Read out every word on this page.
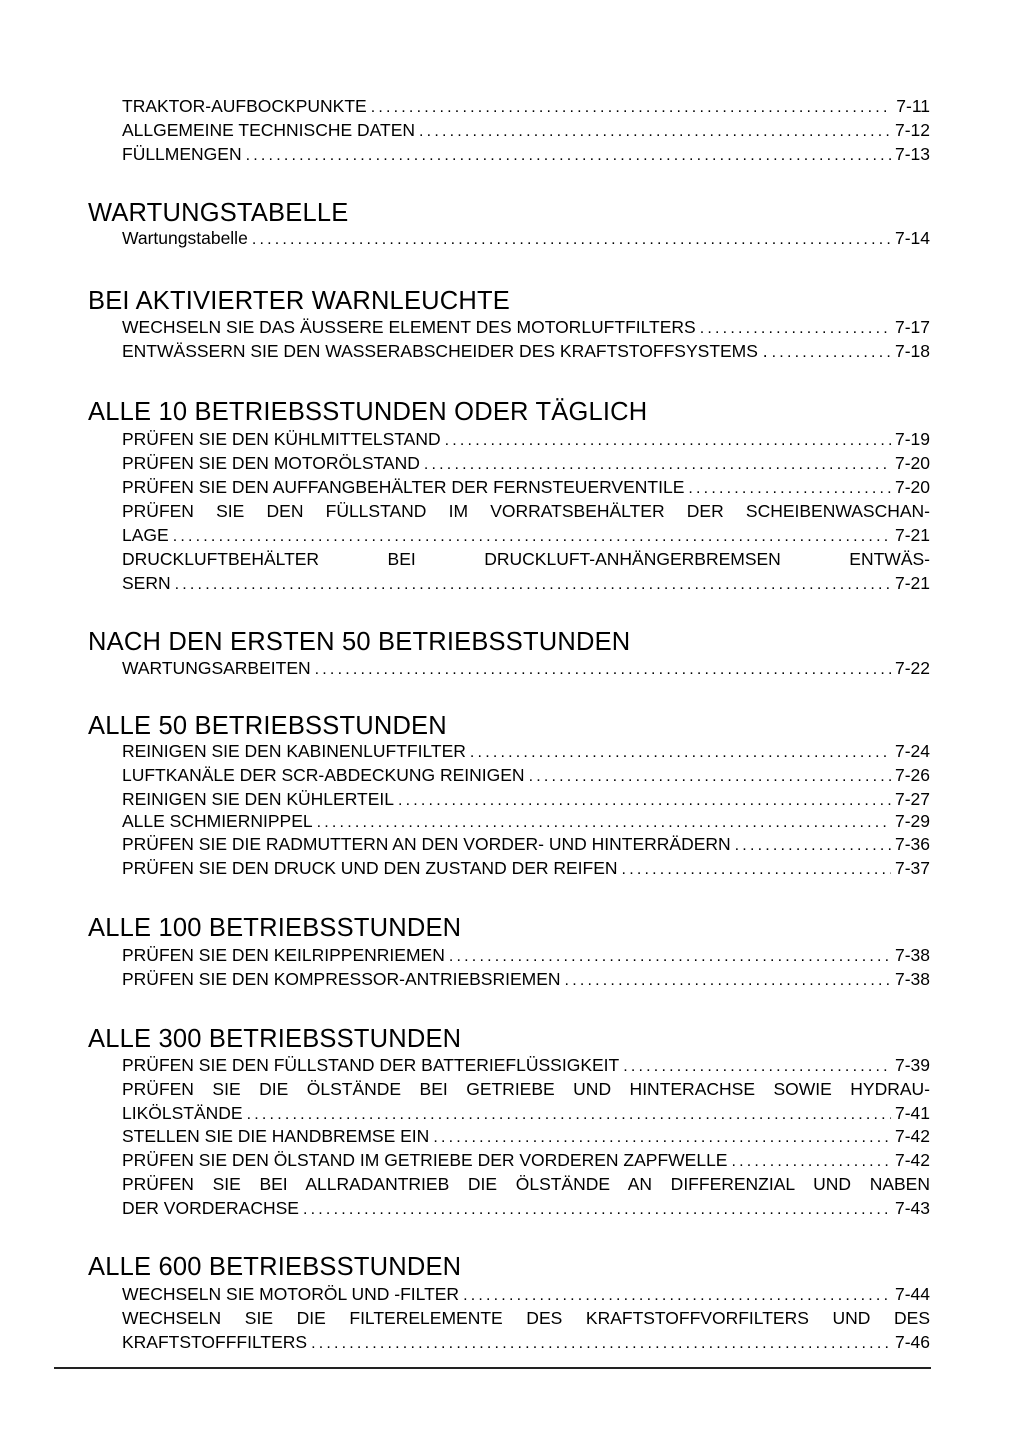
TRAKTOR-AUFBOCKPUNKTE .....	7-11
ALLGEMEINE TECHNISCHE DATEN .....	7-12
FÜLLMENGEN .....	7-13
WARTUNGSTABELLE
Wartungstabelle .....	7-14
BEI AKTIVIERTER WARNLEUCHTE
WECHSELN SIE DAS ÄUSSERE ELEMENT DES MOTORLUFTFILTERS .....	7-17
ENTWÄSSERN SIE DEN WASSERABSCHEIDER DES KRAFTSTOFFSYSTEMS . .....	7-18
ALLE 10 BETRIEBSSTUNDEN ODER TÄGLICH
PRÜFEN SIE DEN KÜHLMITTELSTAND .....	7-19
PRÜFEN SIE DEN MOTORÖLSTAND .....	7-20
PRÜFEN SIE DEN AUFFANGBEHÄLTER DER FERNSTEUERVENTILE .....	7-20
PRÜFEN SIE DEN FÜLLSTAND IM VORRATSBEHÄLTER DER SCHEIBENWASCHAN-
LAGE .....	7-21
DRUCKLUFTBEHÄLTER BEI DRUCKLUFT-ANHÄNGERBREMSEN ENTWÄS-
SERN .....	7-21
NACH DEN ERSTEN 50 BETRIEBSSTUNDEN
WARTUNGSARBEITEN .....	7-22
ALLE 50 BETRIEBSSTUNDEN
REINIGEN SIE DEN KABINENLUFTFILTER .....	7-24
LUFTKANÄLE DER SCR-ABDECKUNG REINIGEN .....	7-26
REINIGEN SIE DEN KÜHLERTEIL .....	7-27
ALLE SCHMIERNIPPEL .....	7-29
PRÜFEN SIE DIE RADMUTTERN AN DEN VORDER- UND HINTERRÄDERN .....	7-36
PRÜFEN SIE DEN DRUCK UND DEN ZUSTAND DER REIFEN .....	7-37
ALLE 100 BETRIEBSSTUNDEN
PRÜFEN SIE DEN KEILRIPPENRIEMEN .....	7-38
PRÜFEN SIE DEN KOMPRESSOR-ANTRIEBSRIEMEN .....	7-38
ALLE 300 BETRIEBSSTUNDEN
PRÜFEN SIE DEN FÜLLSTAND DER BATTERIEFLÜSSIGKEIT .....	7-39
PRÜFEN SIE DIE ÖLSTÄNDE BEI GETRIEBE UND HINTERACHSE SOWIE HYDRAU-
LIKÖLSTÄNDE .....	7-41
STELLEN SIE DIE HANDBREMSE EIN .....	7-42
PRÜFEN SIE DEN ÖLSTAND IM GETRIEBE DER VORDEREN ZAPFWELLE .....	7-42
PRÜFEN SIE BEI ALLRADANTRIEB DIE ÖLSTÄNDE AN DIFFERENZIAL UND NABEN
DER VORDERACHSE .....	7-43
ALLE 600 BETRIEBSSTUNDEN
WECHSELN SIE MOTORÖL UND -FILTER .....	7-44
WECHSELN SIE DIE FILTERELEMENTE DES KRAFTSTOFFVORFILTERS UND DES
KRAFTSTOFFFILTERS .....	7-46
